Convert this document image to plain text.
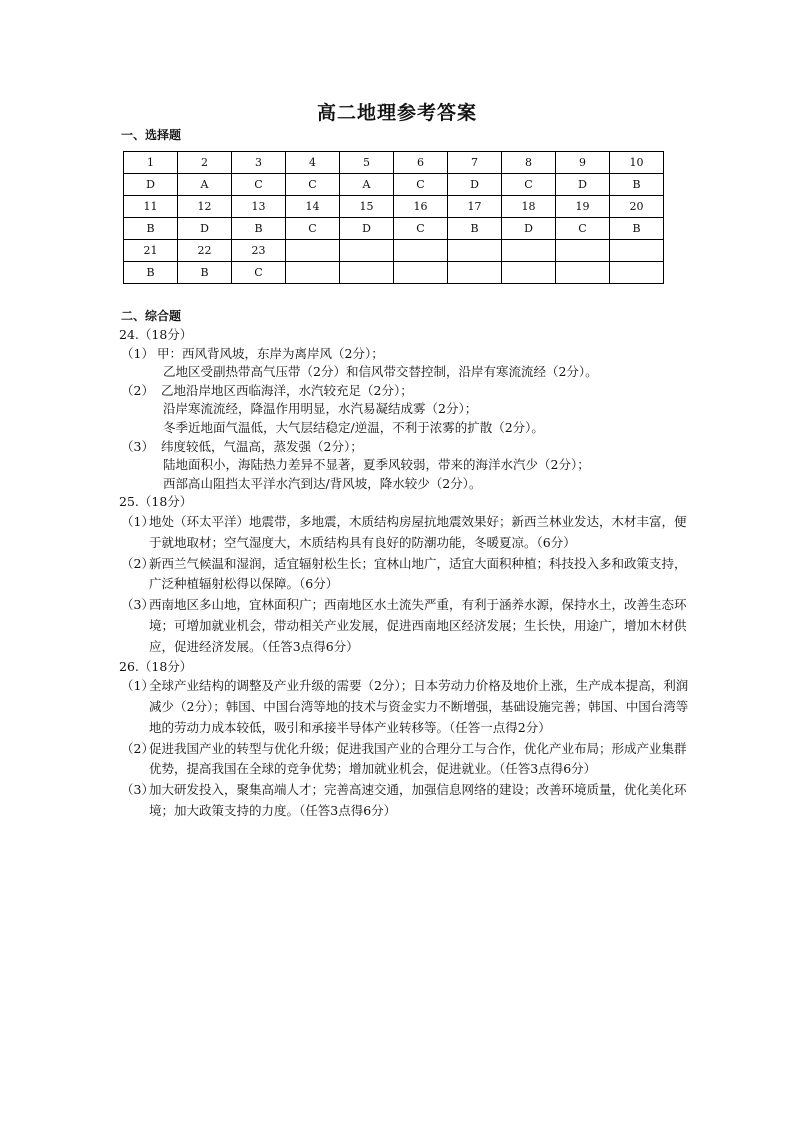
高二地理参考答案
一、选择题
1	2	3	4	5	6	7	8	9	10
D	A	C	C	A	C	D	C	D	B
11	12	13	14	15	16	17	18	19	20
B	D	B	C	D	C	B	D	C	B
21	22	23							
B	B	C							
二、综合题

24.（18分）

（1） 甲：西风背风坡，东岸为离岸风（2分）；

乙地区受副热带高气压带（2分）和信风带交替控制，沿岸有寒流流经（2分）。

（2） 乙地沿岸地区西临海洋，水汽较充足（2分）；

沿岸寒流流经，降温作用明显，水汽易凝结成雾（2分）；

冬季近地面气温低，大气层结稳定/逆温，不利于浓雾的扩散（2分）。

（3） 纬度较低，气温高，蒸发强（2分）；

陆地面积小，海陆热力差异不显著，夏季风较弱，带来的海洋水汽少（2分）；

西部高山阻挡太平洋水汽到达/背风坡，降水较少（2分）。

25.（18分）

（1）
地处（环太平洋）地震带，多地震，木质结构房屋抗地震效果好；新西兰林业发达，木材丰富，便于就地取材；空气湿度大，木质结构具有良好的防潮功能，冬暖夏凉。（6分）
（2）
新西兰气候温和湿润，适宜辐射松生长；宜林山地广，适宜大面积种植；科技投入多和政策支持，广泛种植辐射松得以保障。（6分）
（3）
西南地区多山地，宜林面积广；西南地区水土流失严重，有利于涵养水源，保持水土，改善生态环境；可增加就业机会，带动相关产业发展，促进西南地区经济发展；生长快，用途广，增加木材供应，促进经济发展。（任答3点得6分）

26.（18分）

（1）
全球产业结构的调整及产业升级的需要（2分）；日本劳动力价格及地价上涨，生产成本提高，利润减少（2分）；韩国、中国台湾等地的技术与资金实力不断增强，基础设施完善；韩国、中国台湾等地的劳动力成本较低，吸引和承接半导体产业转移等。（任答一点得2分）
（2）
促进我国产业的转型与优化升级；促进我国产业的合理分工与合作，优化产业布局；形成产业集群优势，提高我国在全球的竞争优势；增加就业机会，促进就业。（任答3点得6分）
（3）
加大研发投入，聚集高端人才；完善高速交通，加强信息网络的建设；改善环境质量，优化美化环境；加大政策支持的力度。（任答3点得6分）
